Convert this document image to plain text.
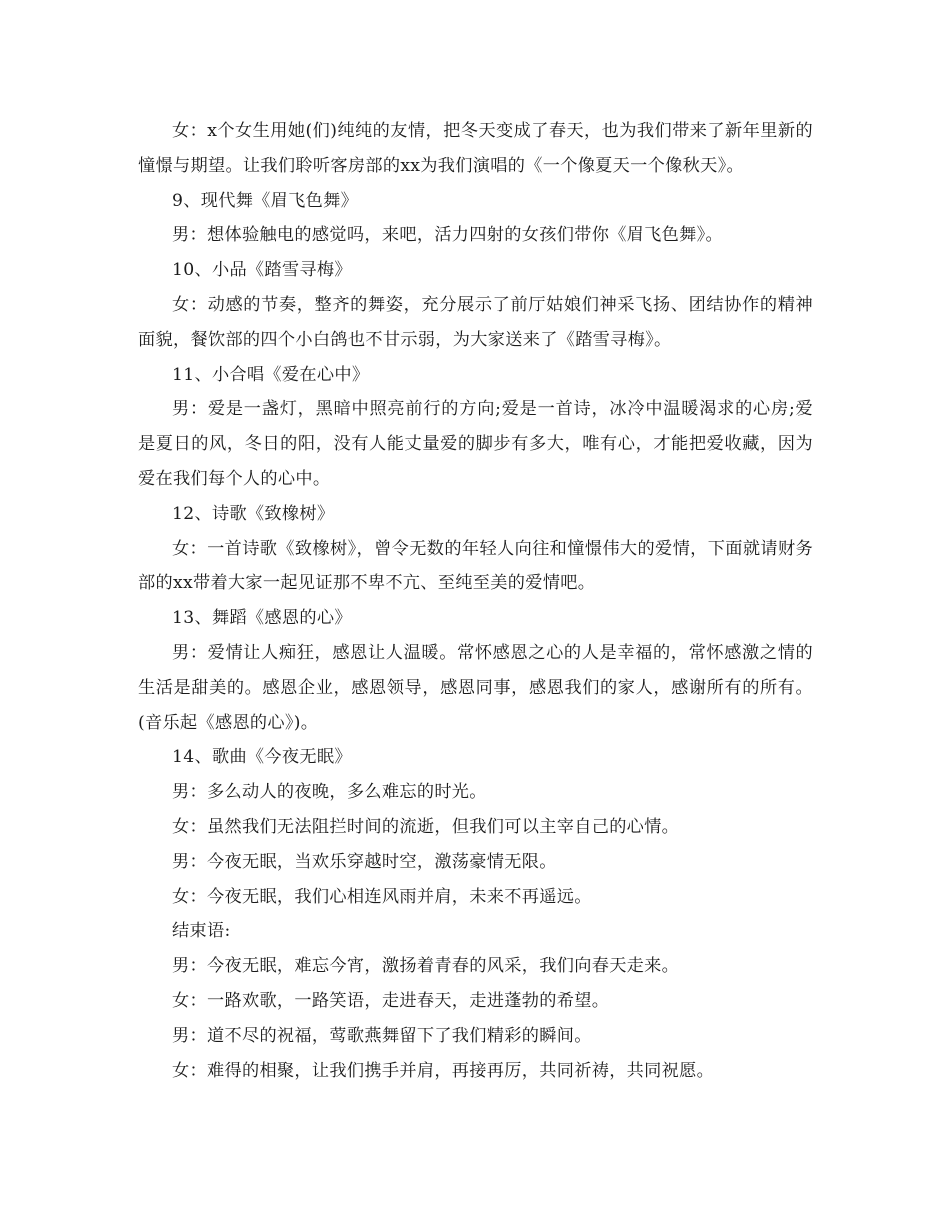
女：x个女生用她(们)纯纯的友情，把冬天变成了春天，也为我们带来了新年里新的憧憬与期望。让我们聆听客房部的xx为我们演唱的《一个像夏天一个像秋天》。

9、现代舞《眉飞色舞》

男：想体验触电的感觉吗，来吧，活力四射的女孩们带你《眉飞色舞》。

10、小品《踏雪寻梅》

女：动感的节奏，整齐的舞姿，充分展示了前厅姑娘们神采飞扬、团结协作的精神面貌，餐饮部的四个小白鸽也不甘示弱，为大家送来了《踏雪寻梅》。

11、小合唱《爱在心中》

男：爱是一盏灯，黑暗中照亮前行的方向;爱是一首诗，冰冷中温暖渴求的心房;爱是夏日的风，冬日的阳，没有人能丈量爱的脚步有多大，唯有心，才能把爱收藏，因为爱在我们每个人的心中。

12、诗歌《致橡树》

女：一首诗歌《致橡树》，曾令无数的年轻人向往和憧憬伟大的爱情，下面就请财务部的xx带着大家一起见证那不卑不亢、至纯至美的爱情吧。

13、舞蹈《感恩的心》

男：爱情让人痴狂，感恩让人温暖。常怀感恩之心的人是幸福的，常怀感激之情的生活是甜美的。感恩企业，感恩领导，感恩同事，感恩我们的家人，感谢所有的所有。(音乐起《感恩的心》)。

14、歌曲《今夜无眠》

男：多么动人的夜晚，多么难忘的时光。

女：虽然我们无法阻拦时间的流逝，但我们可以主宰自己的心情。

男：今夜无眠，当欢乐穿越时空，激荡豪情无限。

女：今夜无眠，我们心相连风雨并肩，未来不再遥远。

结束语:

男：今夜无眠，难忘今宵，激扬着青春的风采，我们向春天走来。

女：一路欢歌，一路笑语，走进春天，走进蓬勃的希望。

男：道不尽的祝福，莺歌燕舞留下了我们精彩的瞬间。

女：难得的相聚，让我们携手并肩，再接再厉，共同祈祷，共同祝愿。
